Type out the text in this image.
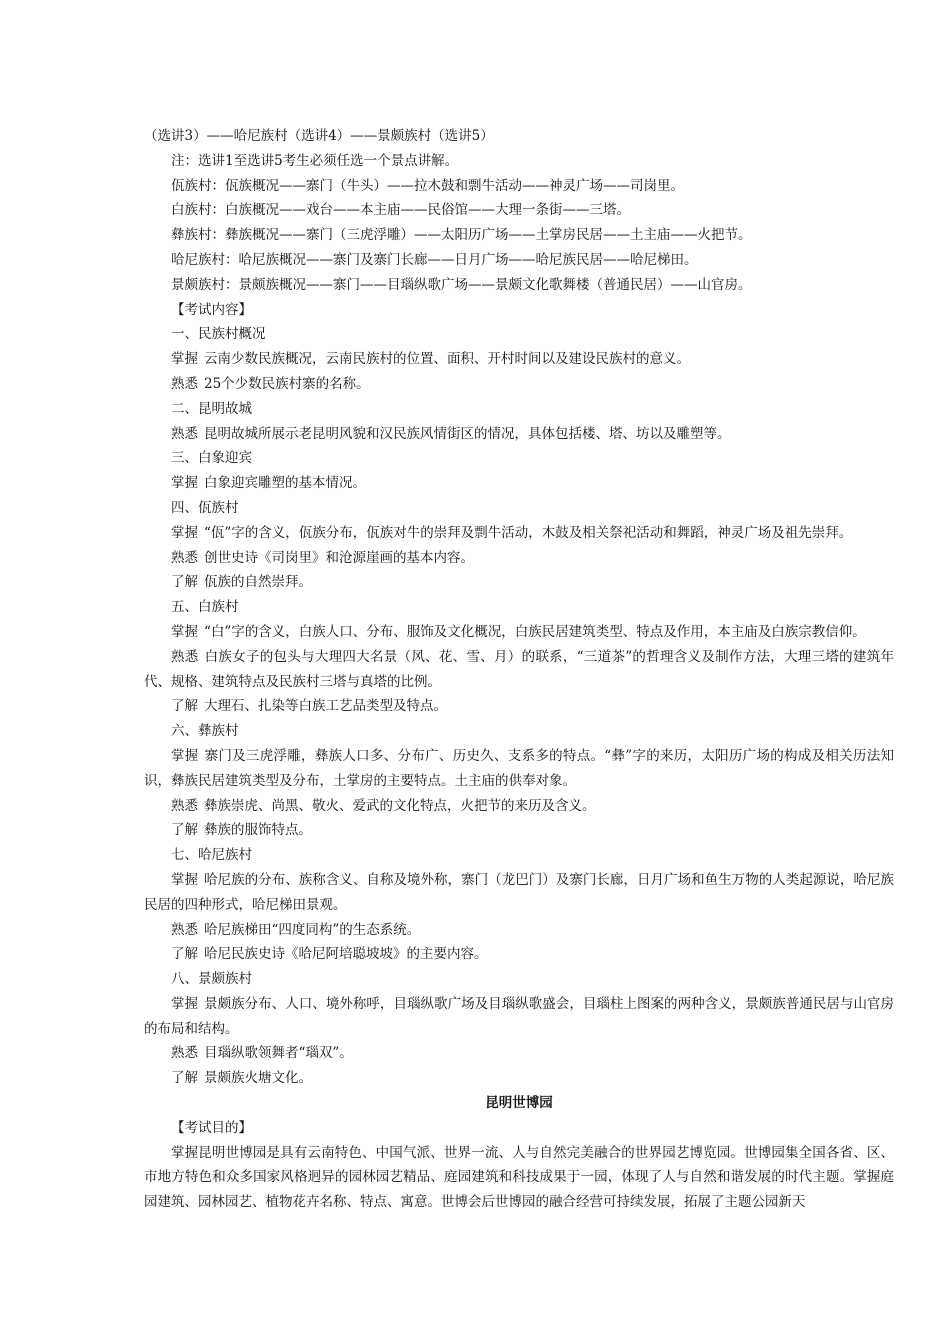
（选讲3）——哈尼族村（选讲4）——景颇族村（选讲5）

注：选讲1至选讲5考生必须任选一个景点讲解。

佤族村：佤族概况——寨门（牛头）——拉木鼓和剽牛活动——神灵广场——司岗里。

白族村：白族概况——戏台——本主庙——民俗馆——大理一条街——三塔。

彝族村：彝族概况——寨门（三虎浮雕）——太阳历广场——土掌房民居——土主庙——火把节。

哈尼族村：哈尼族概况——寨门及寨门长廊——日月广场——哈尼族民居——哈尼梯田。

景颇族村：景颇族概况——寨门——目瑙纵歌广场——景颇文化歌舞楼（普通民居）——山官房。

【考试内容】

一、民族村概况

掌握 云南少数民族概况，云南民族村的位置、面积、开村时间以及建设民族村的意义。

熟悉 25个少数民族村寨的名称。

二、昆明故城

熟悉 昆明故城所展示老昆明风貌和汉民族风情街区的情况，具体包括楼、塔、坊以及雕塑等。

三、白象迎宾

掌握 白象迎宾雕塑的基本情况。

四、佤族村

掌握 “佤”字的含义，佤族分布，佤族对牛的崇拜及剽牛活动，木鼓及相关祭祀活动和舞蹈，神灵广场及祖先崇拜。

熟悉 创世史诗《司岗里》和沧源崖画的基本内容。

了解 佤族的自然崇拜。

五、白族村

掌握 “白”字的含义，白族人口、分布、服饰及文化概况，白族民居建筑类型、特点及作用，本主庙及白族宗教信仰。

熟悉 白族女子的包头与大理四大名景（风、花、雪、月）的联系，“三道茶”的哲理含义及制作方法，大理三塔的建筑年代、规格、建筑特点及民族村三塔与真塔的比例。

了解 大理石、扎染等白族工艺品类型及特点。

六、彝族村

掌握 寨门及三虎浮雕，彝族人口多、分布广、历史久、支系多的特点。“彝”字的来历，太阳历广场的构成及相关历法知识，彝族民居建筑类型及分布，土掌房的主要特点。土主庙的供奉对象。

熟悉 彝族崇虎、尚黑、敬火、爱武的文化特点，火把节的来历及含义。

了解 彝族的服饰特点。

七、哈尼族村

掌握 哈尼族的分布、族称含义、自称及境外称，寨门（龙巴门）及寨门长廊，日月广场和鱼生万物的人类起源说，哈尼族民居的四种形式，哈尼梯田景观。

熟悉 哈尼族梯田“四度同构”的生态系统。

了解 哈尼民族史诗《哈尼阿培聪坡坡》的主要内容。

八、景颇族村

掌握 景颇族分布、人口、境外称呼，目瑙纵歌广场及目瑙纵歌盛会，目瑙柱上图案的两种含义，景颇族普通民居与山官房的布局和结构。

熟悉 目瑙纵歌领舞者“瑙双”。

了解 景颇族火塘文化。

昆明世博园

【考试目的】

掌握昆明世博园是具有云南特色、中国气派、世界一流、人与自然完美融合的世界园艺博览园。世博园集全国各省、区、市地方特色和众多国家风格迥异的园林园艺精品、庭园建筑和科技成果于一园，体现了人与自然和谐发展的时代主题。掌握庭园建筑、园林园艺、植物花卉名称、特点、寓意。世博会后世博园的融合经营可持续发展，拓展了主题公园新天
